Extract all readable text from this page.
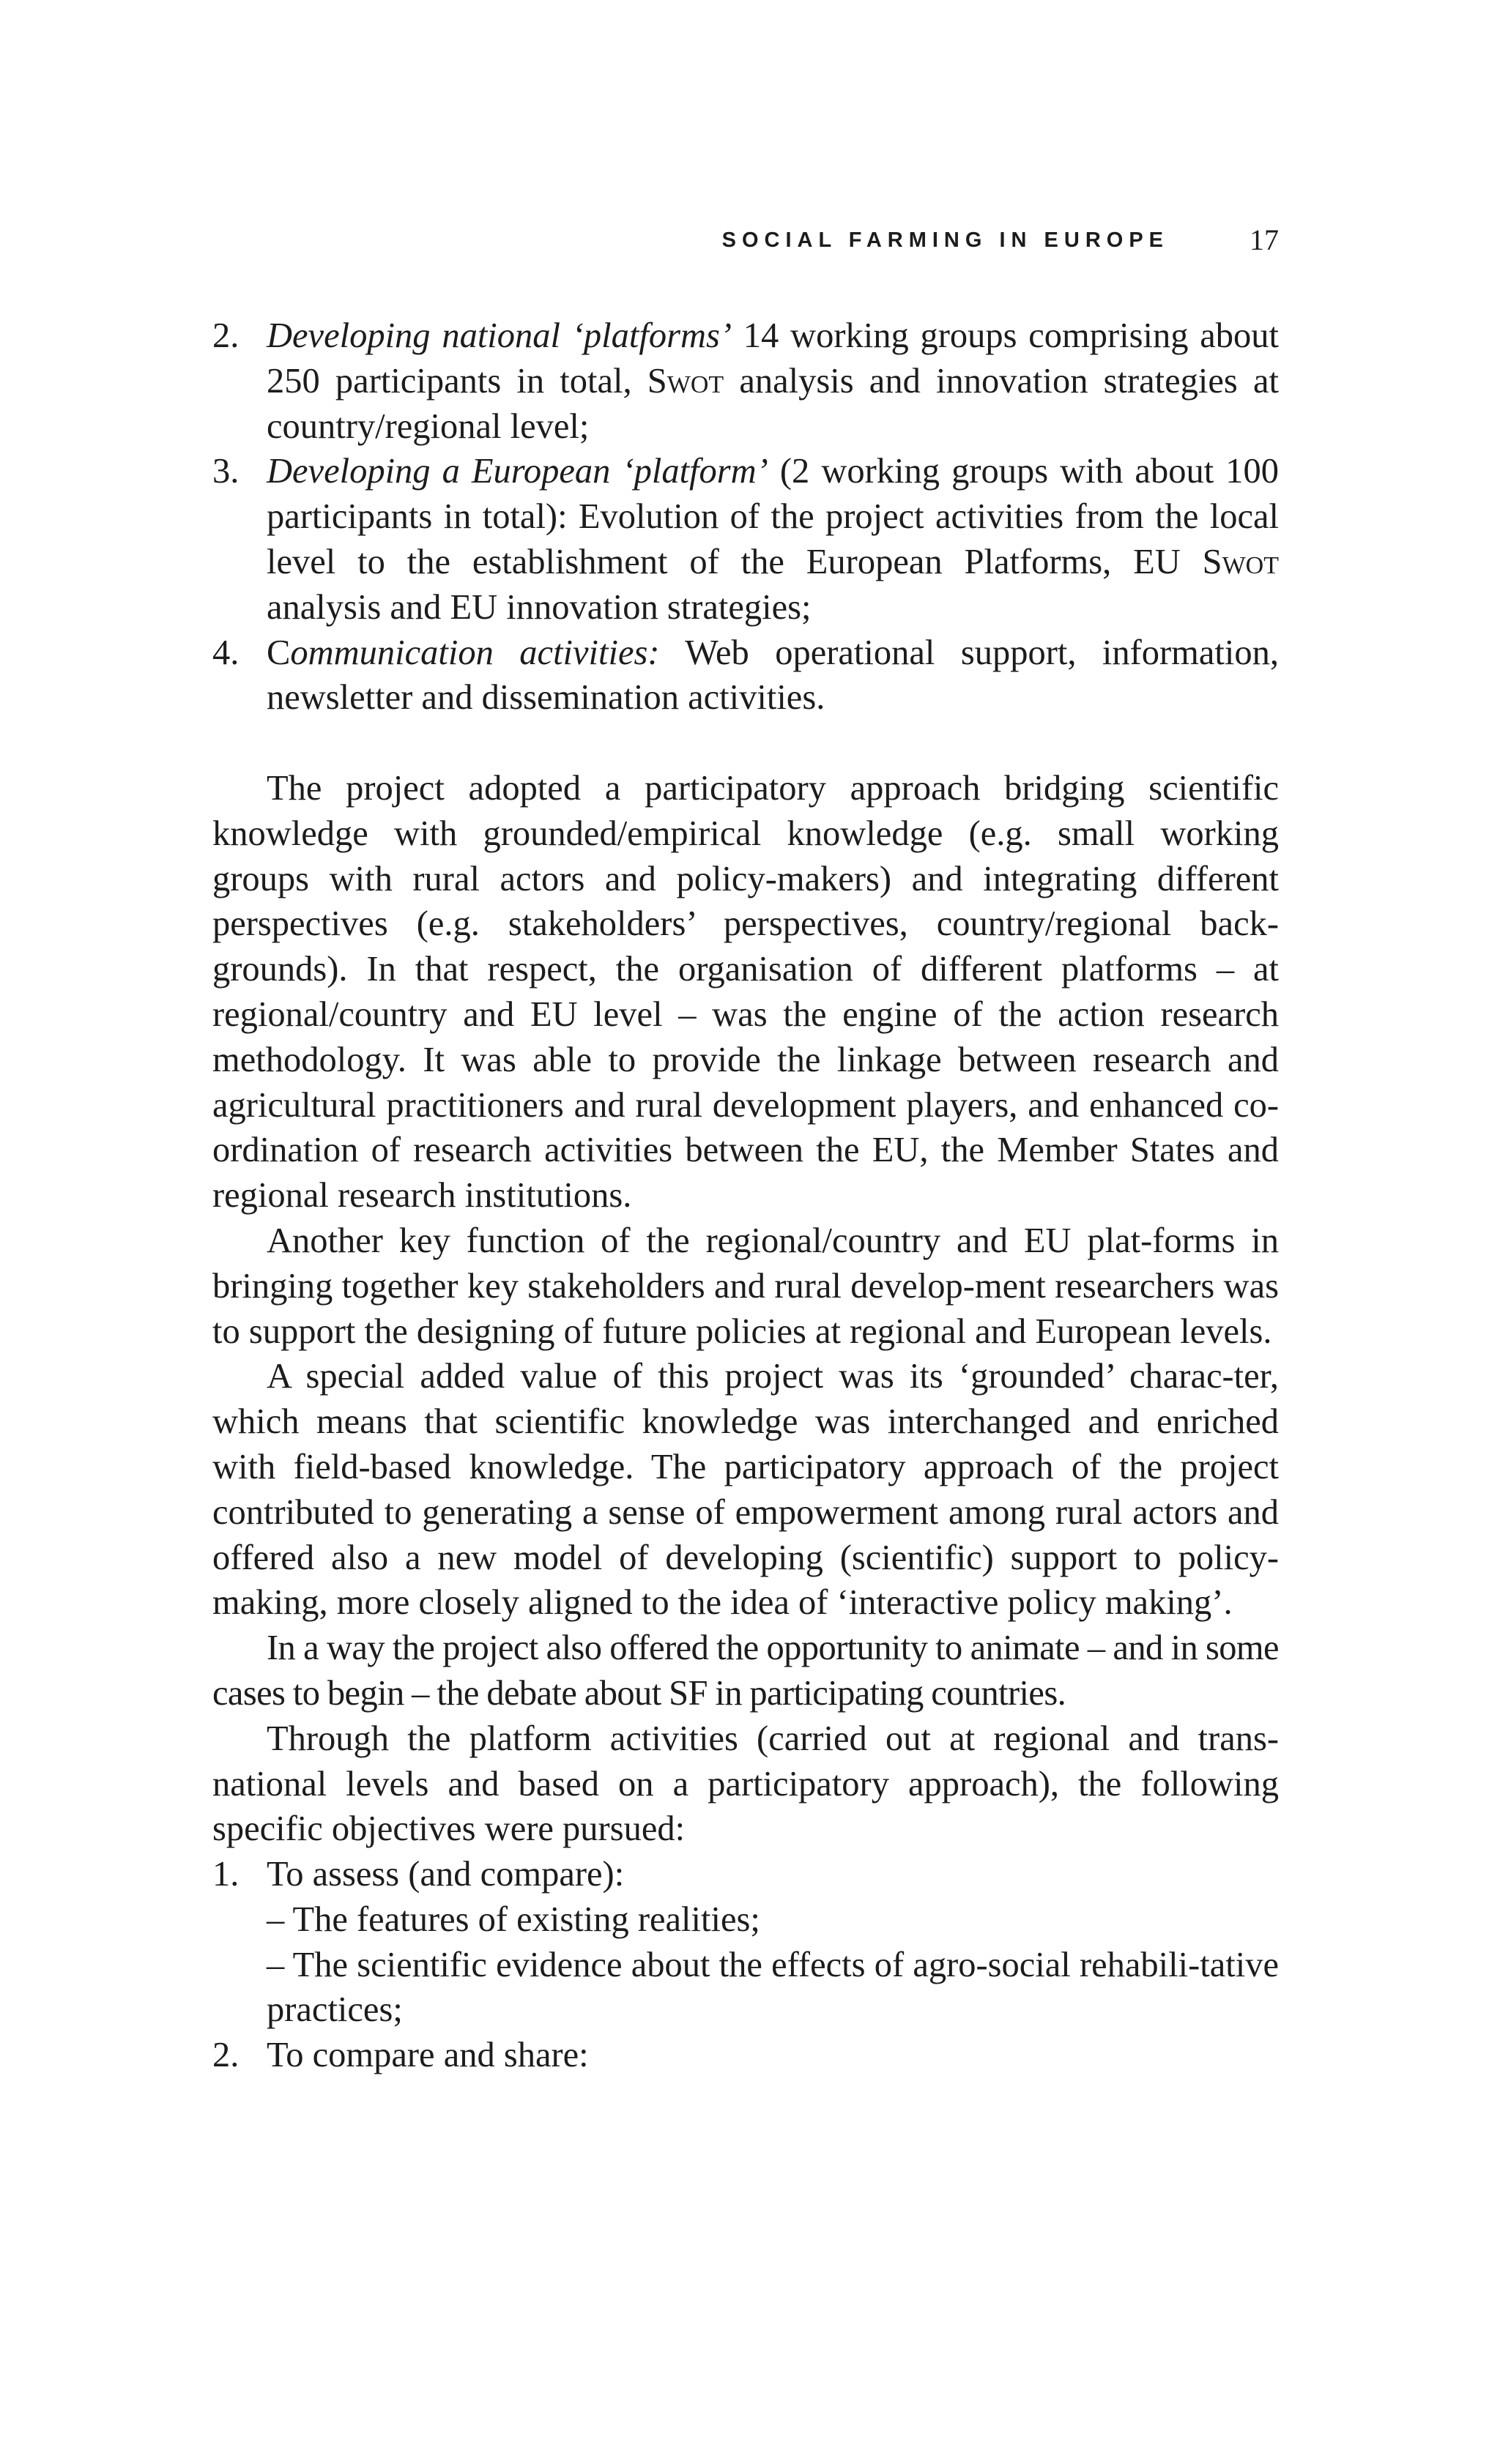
SOCIAL FARMING IN EUROPE	17
2. Developing national ‘platforms’ 14 working groups comprising about 250 participants in total, Swot analysis and innovation strategies at country/regional level;
3. Developing a European ‘platform’ (2 working groups with about 100 participants in total): Evolution of the project activities from the local level to the establishment of the European Platforms, EU Swot analysis and EU innovation strategies;
4. Communication activities: Web operational support, information, newsletter and dissemination activities.

The project adopted a participatory approach bridging scientific knowledge with grounded/empirical knowledge (e.g. small working groups with rural actors and policy-makers) and integrating different perspectives (e.g. stakeholders’ perspectives, country/regional back-grounds). In that respect, the organisation of different platforms – at regional/country and EU level – was the engine of the action research methodology. It was able to provide the linkage between research and agricultural practitioners and rural development players, and enhanced co-ordination of research activities between the EU, the Member States and regional research institutions.

Another key function of the regional/country and EU plat-forms in bringing together key stakeholders and rural develop-ment researchers was to support the designing of future policies at regional and European levels.

A special added value of this project was its ‘grounded’ charac-ter, which means that scientific knowledge was interchanged and enriched with field-based knowledge. The participatory approach of the project contributed to generating a sense of empowerment among rural actors and offered also a new model of developing (scientific) support to policy-making, more closely aligned to the idea of ‘interactive policy making’.

In a way the project also offered the opportunity to animate – and in some cases to begin – the debate about SF in participating countries.

Through the platform activities (carried out at regional and trans-national levels and based on a participatory approach), the following specific objectives were pursued:

1. To assess (and compare):
– The features of existing realities;
– The scientific evidence about the effects of agro-social rehabili-tative practices;
2. To compare and share:
